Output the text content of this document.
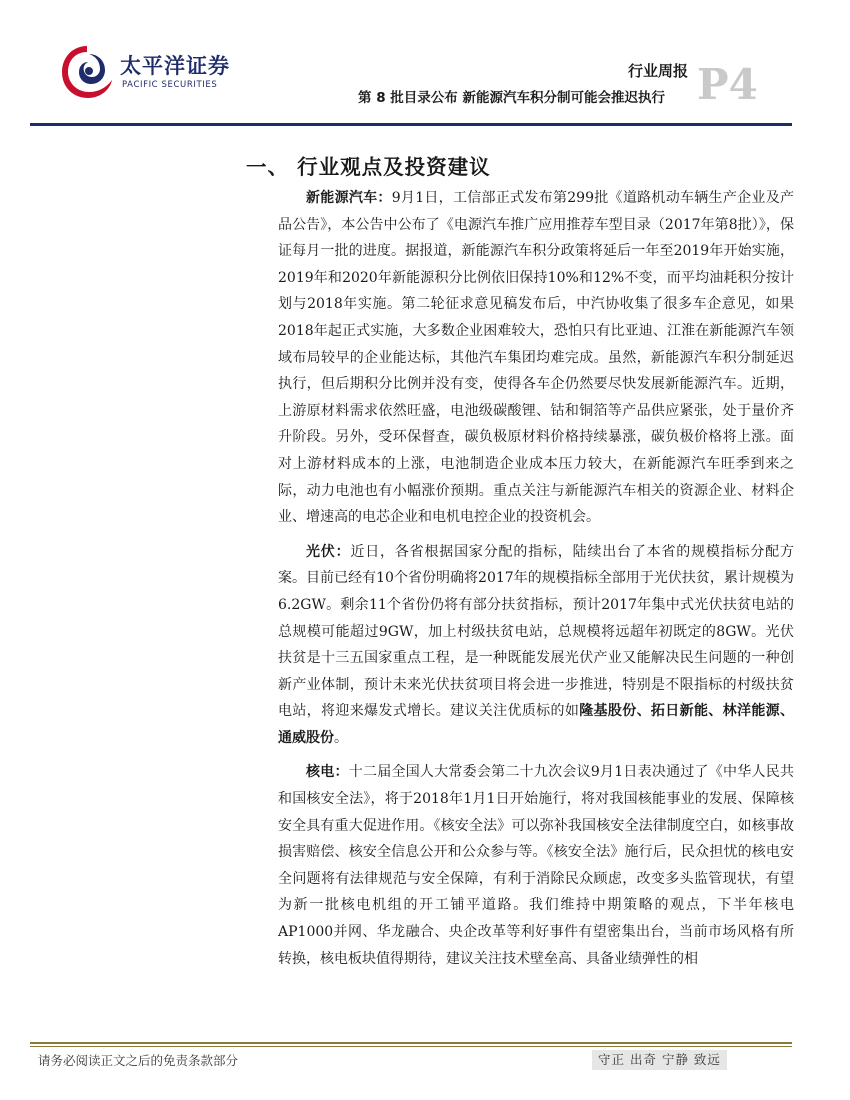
太平洋证券
PACIFIC SECURITIES
行业周报
第 8 批目录公布 新能源汽车积分制可能会推迟执行 P4
一、 行业观点及投资建议

新能源汽车：9月1日，工信部正式发布第299批《道路机动车辆生产企业及产品公告》，本公告中公布了《电源汽车推广应用推荐车型目录（2017年第8批）》，保证每月一批的进度。据报道，新能源汽车积分政策将延后一年至2019年开始实施，2019年和2020年新能源积分比例依旧保持10%和12%不变，而平均油耗积分按计划与2018年实施。第二轮征求意见稿发布后，中汽协收集了很多车企意见，如果2018年起正式实施，大多数企业困难较大，恐怕只有比亚迪、江淮在新能源汽车领域布局较早的企业能达标，其他汽车集团均难完成。虽然，新能源汽车积分制延迟执行，但后期积分比例并没有变，使得各车企仍然要尽快发展新能源汽车。近期，上游原材料需求依然旺盛，电池级碳酸锂、钴和铜箔等产品供应紧张，处于量价齐升阶段。另外，受环保督查，碳负极原材料价格持续暴涨，碳负极价格将上涨。面对上游材料成本的上涨，电池制造企业成本压力较大，在新能源汽车旺季到来之际，动力电池也有小幅涨价预期。重点关注与新能源汽车相关的资源企业、材料企业、增速高的电芯企业和电机电控企业的投资机会。

光伏：近日，各省根据国家分配的指标，陆续出台了本省的规模指标分配方案。目前已经有10个省份明确将2017年的规模指标全部用于光伏扶贫，累计规模为6.2GW。剩余11个省份仍将有部分扶贫指标，预计2017年集中式光伏扶贫电站的总规模可能超过9GW，加上村级扶贫电站，总规模将远超年初既定的8GW。光伏扶贫是十三五国家重点工程，是一种既能发展光伏产业又能解决民生问题的一种创新产业体制，预计未来光伏扶贫项目将会进一步推进，特别是不限指标的村级扶贫电站，将迎来爆发式增长。建议关注优质标的如隆基股份、拓日新能、林洋能源、通威股份。

核电：十二届全国人大常委会第二十九次会议9月1日表决通过了《中华人民共和国核安全法》，将于2018年1月1日开始施行，将对我国核能事业的发展、保障核安全具有重大促进作用。《核安全法》可以弥补我国核安全法律制度空白，如核事故损害赔偿、核安全信息公开和公众参与等。《核安全法》施行后，民众担忧的核电安全问题将有法律规范与安全保障，有利于消除民众顾虑，改变多头监管现状，有望为新一批核电机组的开工铺平道路。我们维持中期策略的观点，下半年核电AP1000并网、华龙融合、央企改革等利好事件有望密集出台，当前市场风格有所转换，核电板块值得期待，建议关注技术壁垒高、具备业绩弹性的相

请务必阅读正文之后的免责条款部分	守正 出奇 宁静 致远
